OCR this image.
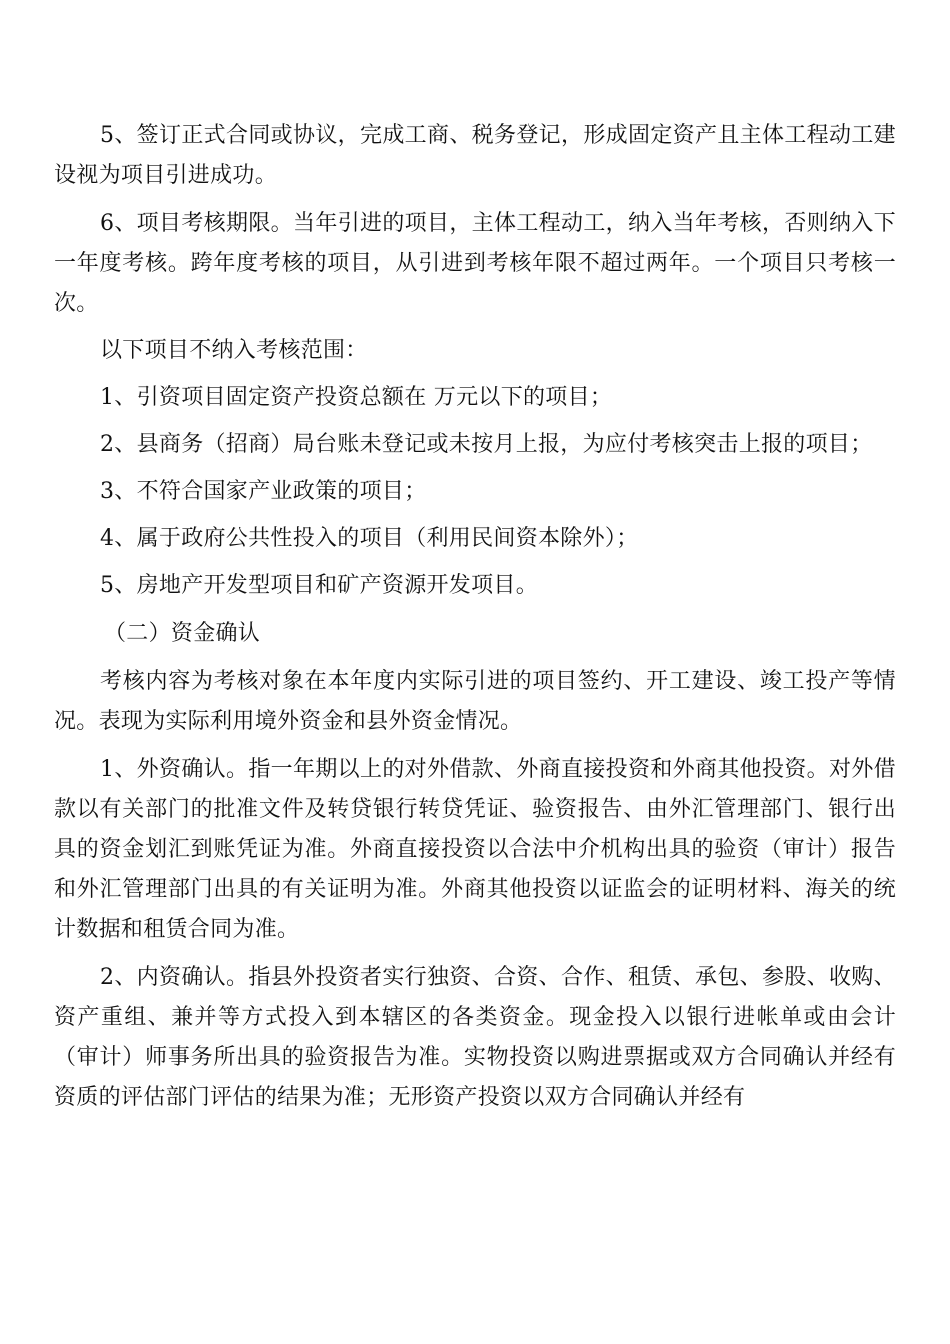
5、签订正式合同或协议，完成工商、税务登记，形成固定资产且主体工程动工建设视为项目引进成功。

6、项目考核期限。当年引进的项目，主体工程动工，纳入当年考核，否则纳入下一年度考核。跨年度考核的项目，从引进到考核年限不超过两年。一个项目只考核一次。

以下项目不纳入考核范围：

1、引资项目固定资产投资总额在 万元以下的项目；

2、县商务（招商）局台账未登记或未按月上报，为应付考核突击上报的项目；

3、不符合国家产业政策的项目；

4、属于政府公共性投入的项目（利用民间资本除外）；

5、房地产开发型项目和矿产资源开发项目。

（二）资金确认

考核内容为考核对象在本年度内实际引进的项目签约、开工建设、竣工投产等情况。表现为实际利用境外资金和县外资金情况。

1、外资确认。指一年期以上的对外借款、外商直接投资和外商其他投资。对外借款以有关部门的批准文件及转贷银行转贷凭证、验资报告、由外汇管理部门、银行出具的资金划汇到账凭证为准。外商直接投资以合法中介机构出具的验资（审计）报告和外汇管理部门出具的有关证明为准。外商其他投资以证监会的证明材料、海关的统计数据和租赁合同为准。

2、内资确认。指县外投资者实行独资、合资、合作、租赁、承包、参股、收购、资产重组、兼并等方式投入到本辖区的各类资金。现金投入以银行进帐单或由会计（审计）师事务所出具的验资报告为准。实物投资以购进票据或双方合同确认并经有资质的评估部门评估的结果为准；无形资产投资以双方合同确认并经有
